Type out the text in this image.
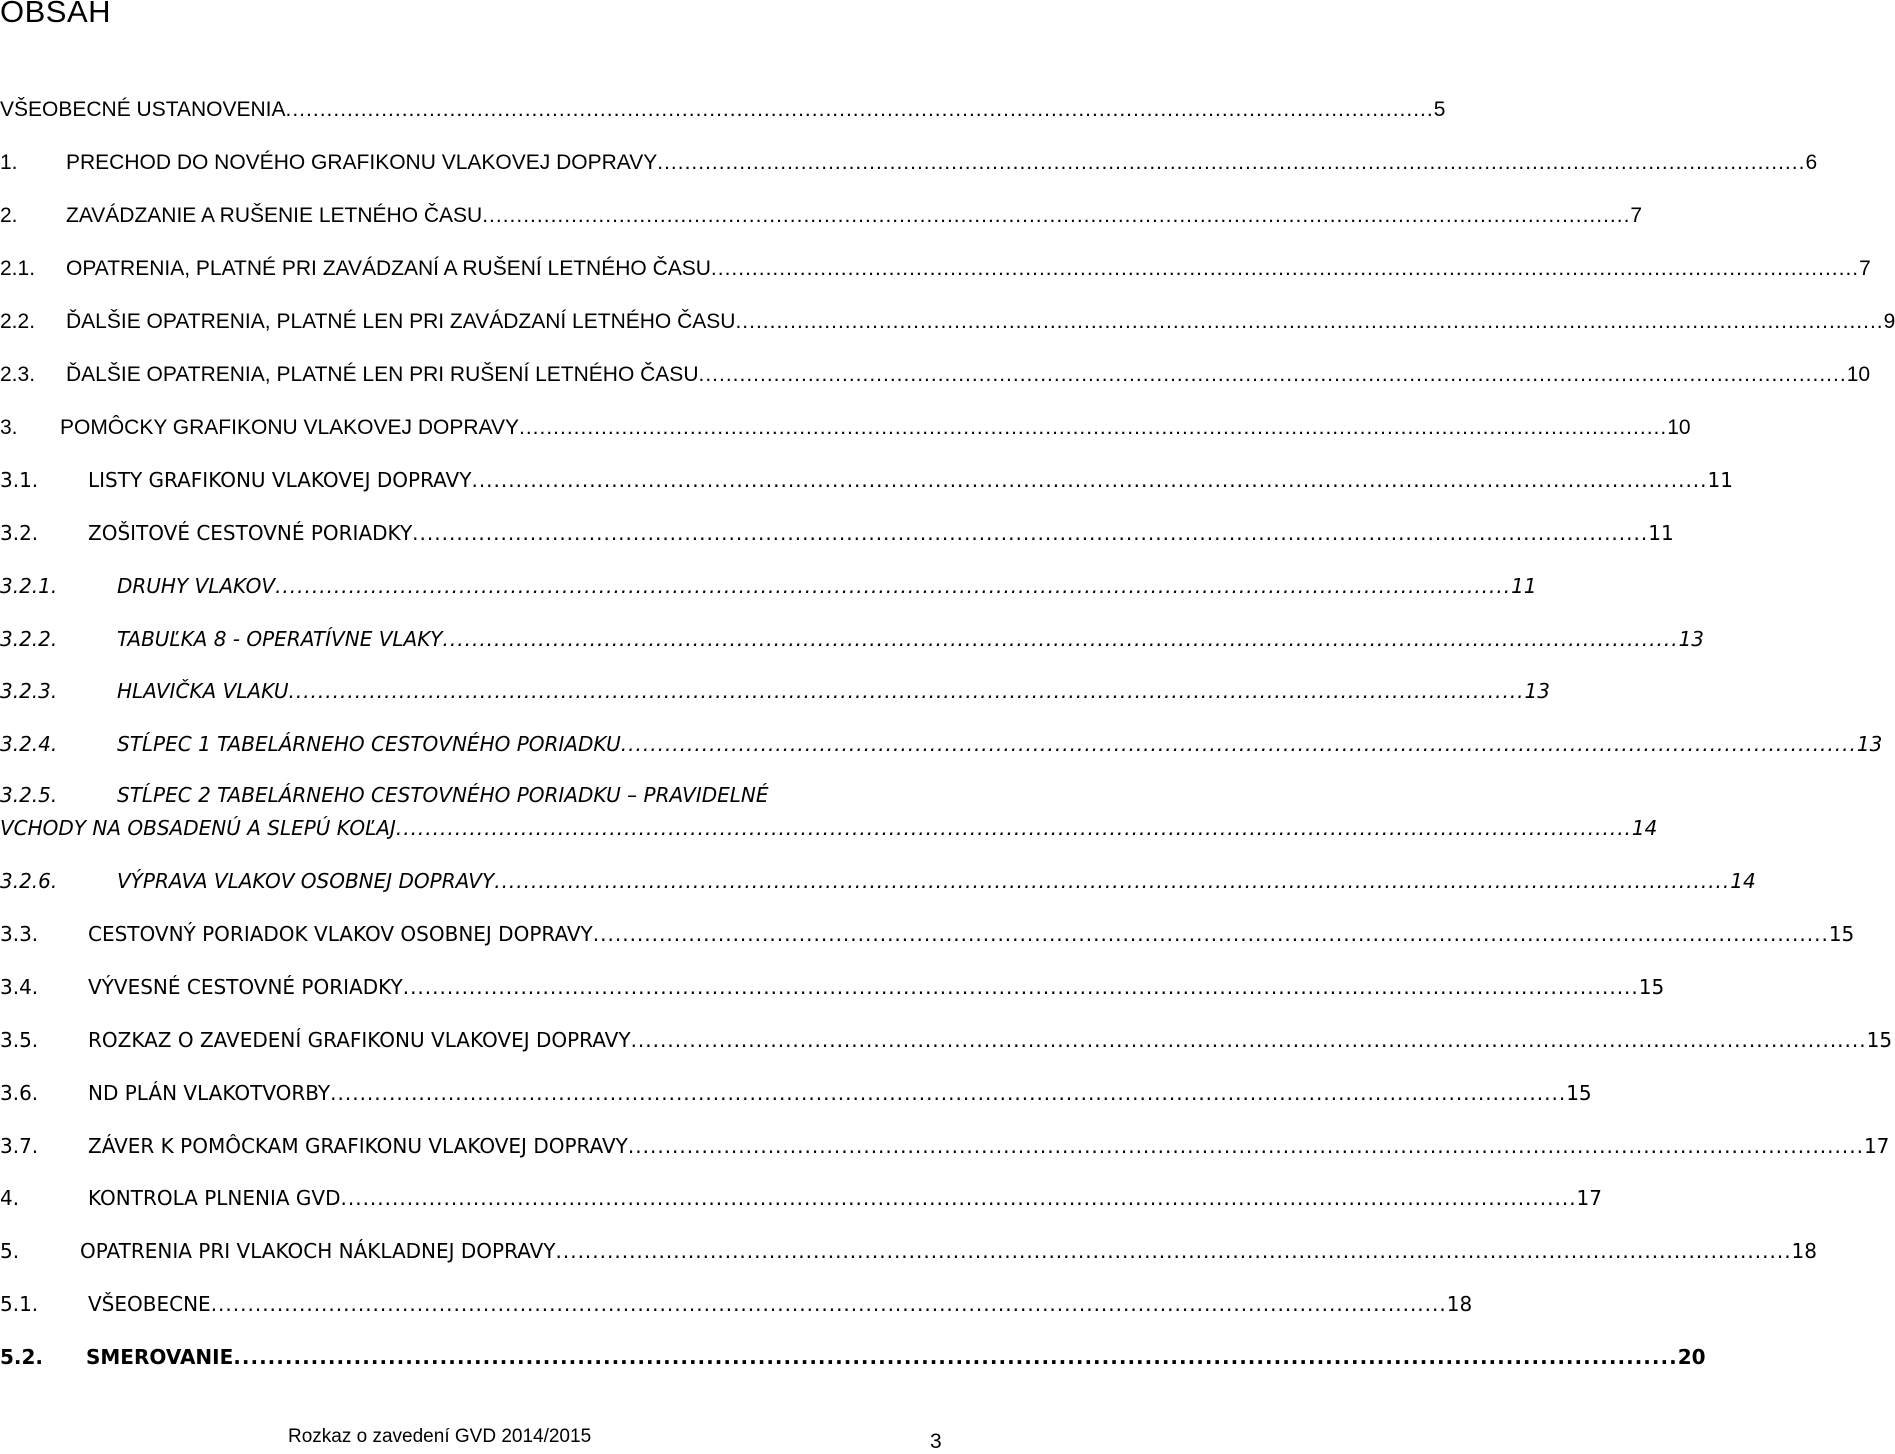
OBSAH
VŠEOBECNÉ USTANOVENIA ........................................................................................................................................................................ 5
1. PRECHOD DO NOVÉHO GRAFIKONU VLAKOVEJ DOPRAVY ........................................................................................................................................................................ 6
2. ZAVÁDZANIE A RUŠENIE LETNÉHO ČASU ........................................................................................................................................................................ 7
2.1. OPATRENIA, PLATNÉ PRI ZAVÁDZANÍ A RUŠENÍ LETNÉHO ČASU ........................................................................................................................................................................ 7
2.2. ĎALŠIE OPATRENIA, PLATNÉ LEN PRI ZAVÁDZANÍ LETNÉHO ČASU ........................................................................................................................................................................ 9
2.3. ĎALŠIE OPATRENIA, PLATNÉ LEN PRI RUŠENÍ LETNÉHO ČASU ........................................................................................................................................................................ 10
3. POMÔCKY GRAFIKONU VLAKOVEJ DOPRAVY ........................................................................................................................................................................ 10
3.1. LISTY GRAFIKONU VLAKOVEJ DOPRAVY ........................................................................................................................................................................ 11
3.2. ZOŠITOVÉ CESTOVNÉ PORIADKY ........................................................................................................................................................................ 11
3.2.1.	DRUHY VLAKOV ........................................................................................................................................................................ 11
3.2.2.	TABUĽKA 8 - OPERATÍVNE VLAKY ........................................................................................................................................................................ 13
3.2.3.	HLAVIČKA VLAKU ........................................................................................................................................................................ 13
3.2.4.	STĹPEC 1 TABELÁRNEHO CESTOVNÉHO PORIADKU ........................................................................................................................................................................ 13
3.2.5.	STĹPEC 2 TABELÁRNEHO CESTOVNÉHO PORIADKU – PRAVIDELNÉ
VCHODY NA OBSADENÚ A SLEPÚ KOĽAJ ........................................................................................................................................................................ 14
3.2.6.	VÝPRAVA VLAKOV OSOBNEJ DOPRAVY ........................................................................................................................................................................ 14
3.3. CESTOVNÝ PORIADOK VLAKOV OSOBNEJ DOPRAVY ........................................................................................................................................................................ 15
3.4. VÝVESNÉ CESTOVNÉ PORIADKY ........................................................................................................................................................................ 15
3.5. ROZKAZ O ZAVEDENÍ GRAFIKONU VLAKOVEJ DOPRAVY ........................................................................................................................................................................ 15
3.6. ND PLÁN VLAKOTVORBY ........................................................................................................................................................................ 15
3.7. ZÁVER K POMÔCKAM GRAFIKONU VLAKOVEJ DOPRAVY ........................................................................................................................................................................ 17
4.	KONTROLA PLNENIA GVD ........................................................................................................................................................................ 17
5.	OPATRENIA PRI VLAKOCH NÁKLADNEJ DOPRAVY ........................................................................................................................................................................ 18
5.1. VŠEOBECNE ........................................................................................................................................................................ 18
5.2. SMEROVANIE ........................................................................................................................................................................ 20
Rozkaz o zavedení GVD 2014/2015	3
